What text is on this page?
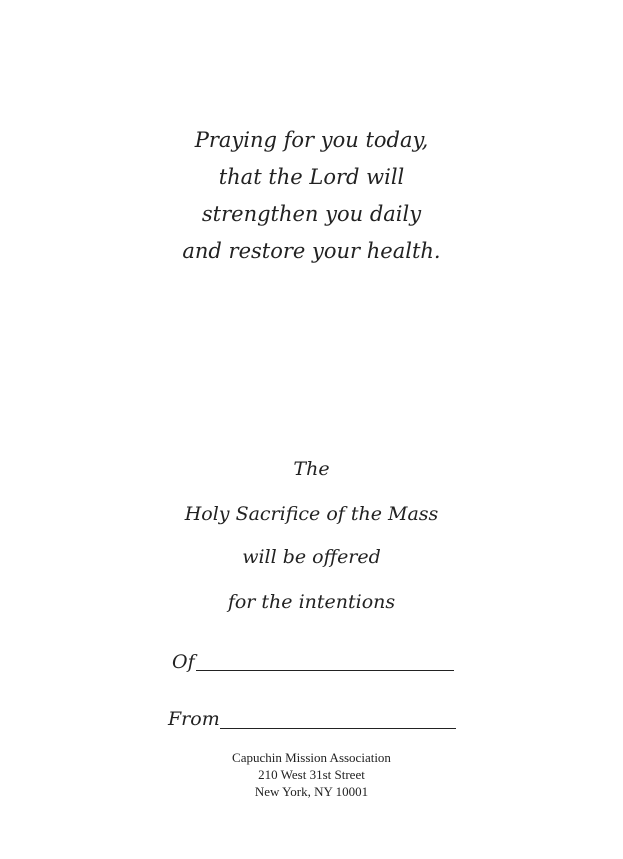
Praying for you today,
that the Lord will
strengthen you daily
and restore your health.
The
Holy Sacrifice of the Mass
will be offered
for the intentions
Of
From
Capuchin Mission Association
210 West 31st Street
New York, NY 10001
